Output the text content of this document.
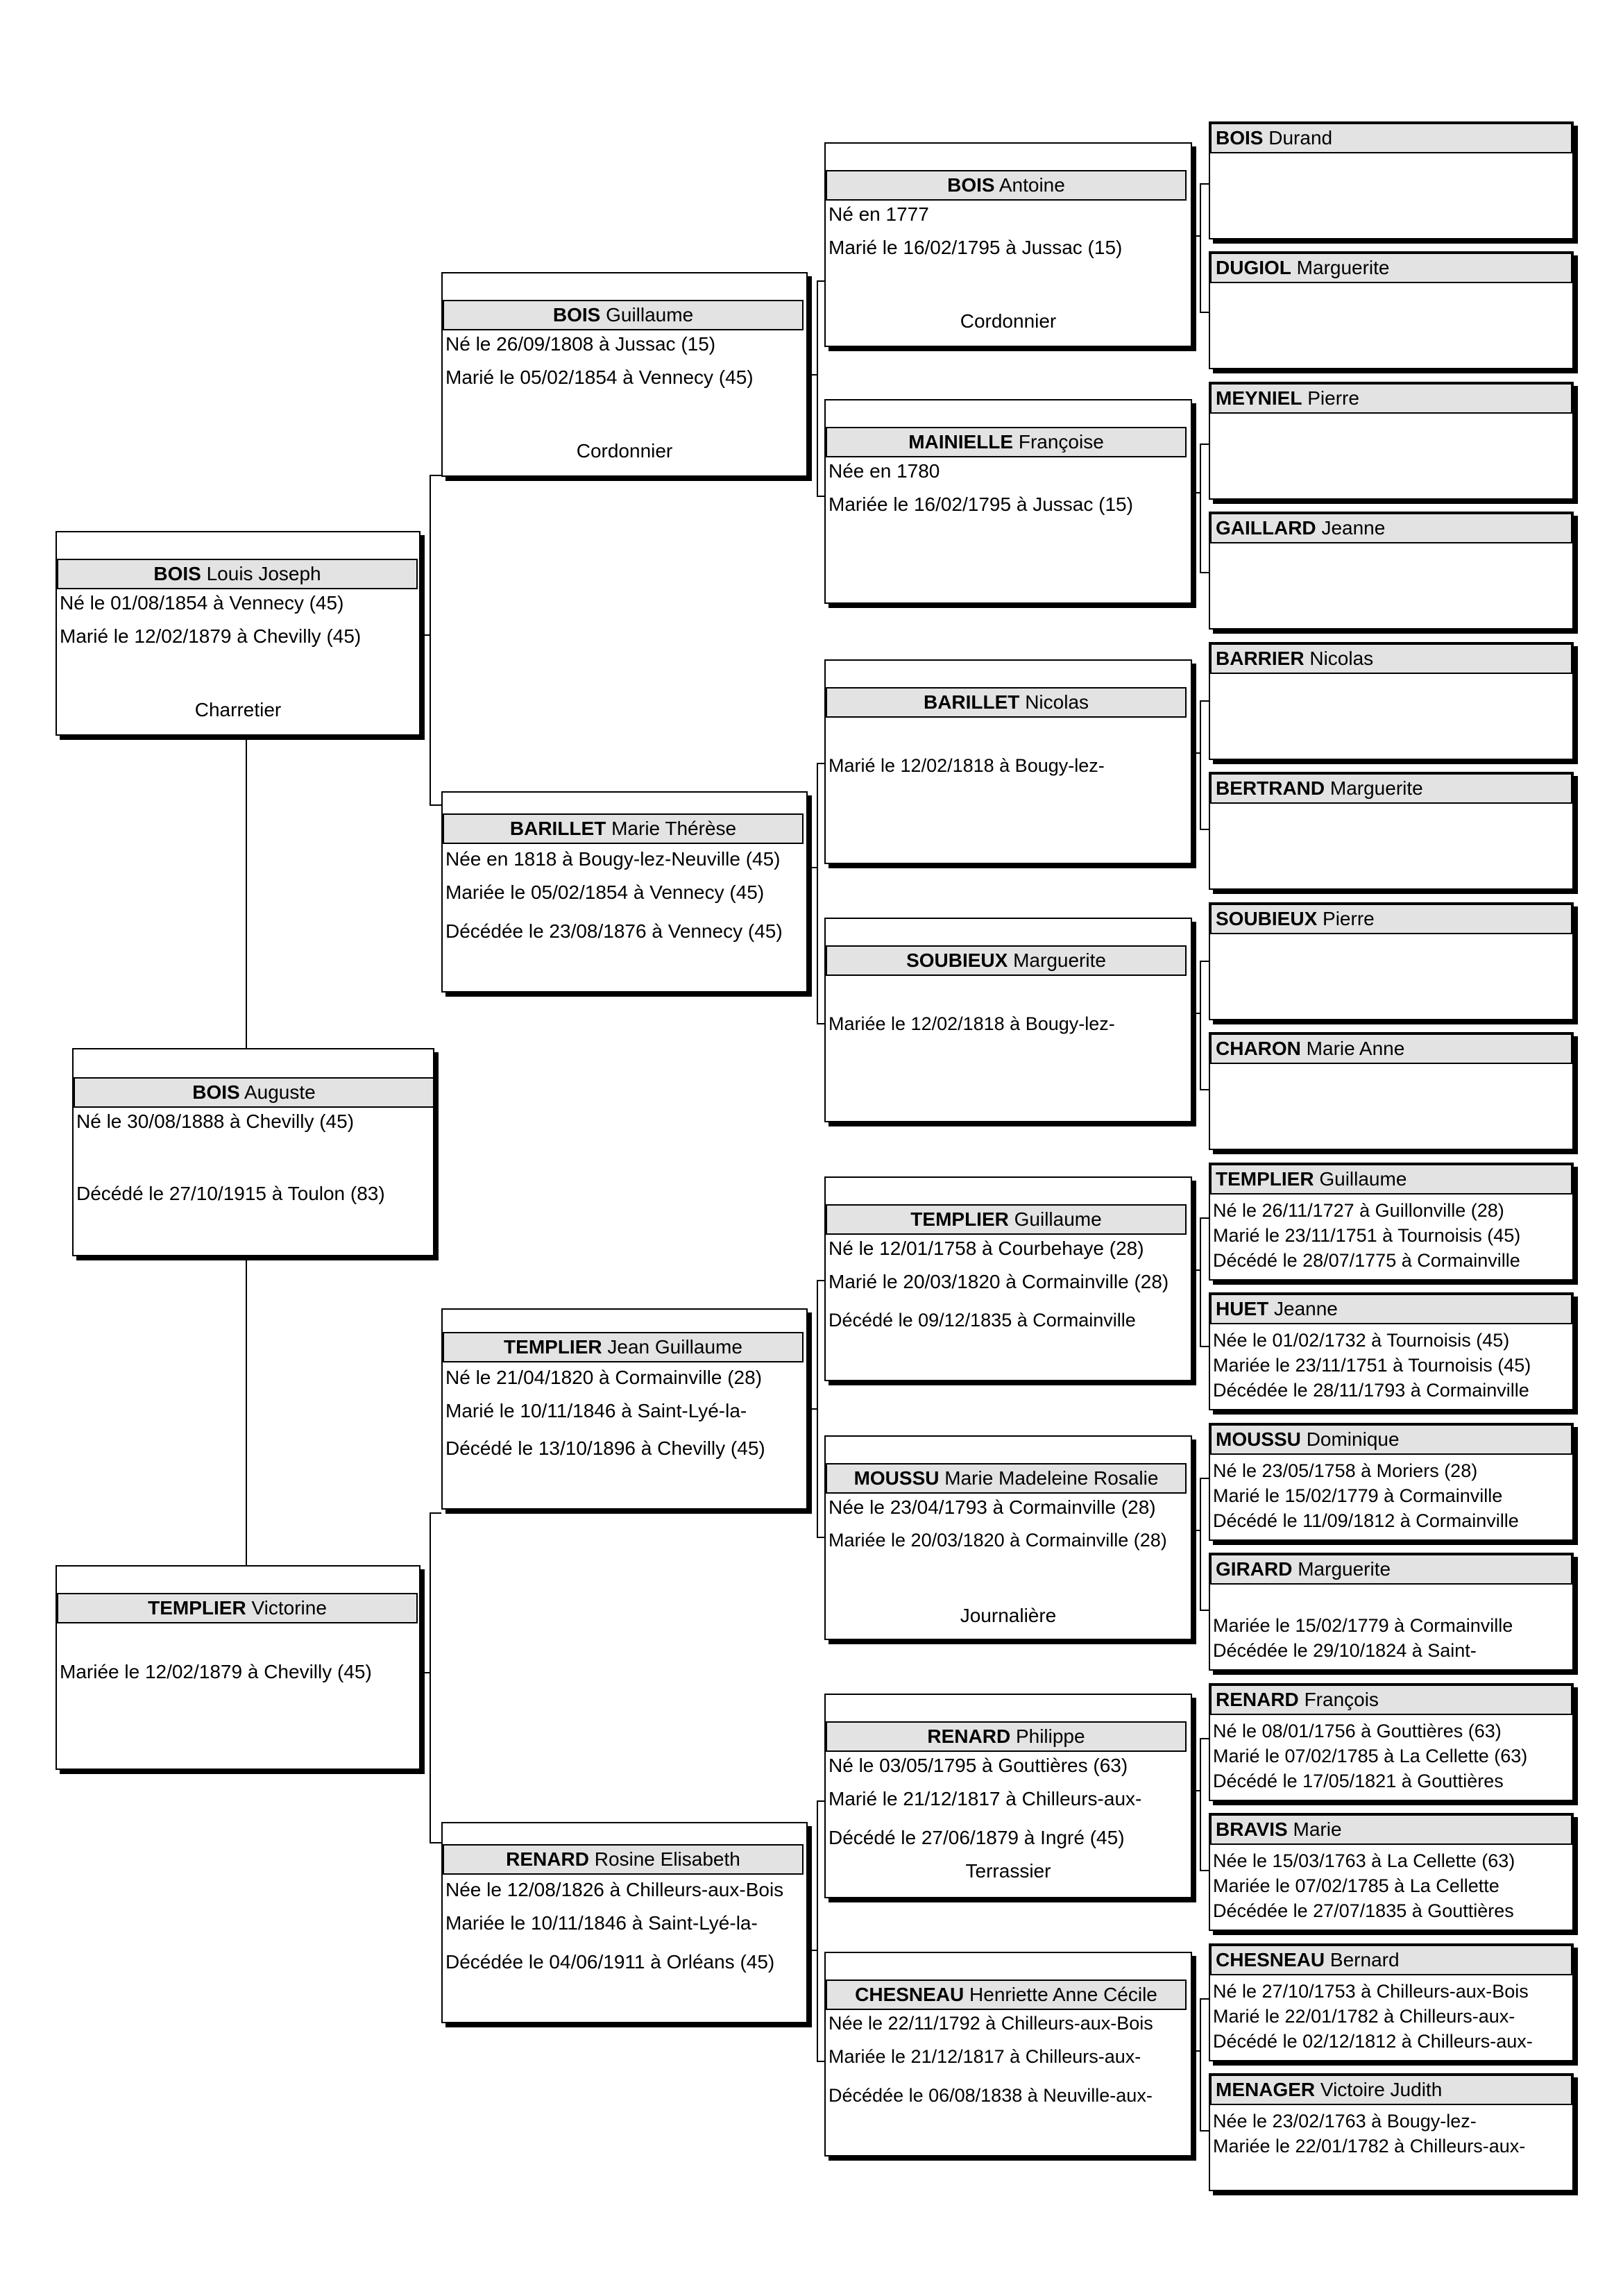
BOIS Auguste
Né le 30/08/1888 à Chevilly (45)
Décédé le 27/10/1915 à Toulon (83)
BOIS Louis Joseph
Né le 01/08/1854 à Vennecy (45)
Marié le 12/02/1879 à Chevilly (45)
Charretier
TEMPLIER Victorine
Mariée le 12/02/1879 à Chevilly (45)
BOIS Guillaume
Né le 26/09/1808 à Jussac (15)
Marié le 05/02/1854 à Vennecy (45)
Cordonnier
BARILLET Marie Thérèse
Née en 1818 à Bougy-lez-Neuville (45)
Mariée le 05/02/1854 à Vennecy (45)
Décédée le 23/08/1876 à Vennecy (45)
TEMPLIER Jean Guillaume
Né le 21/04/1820 à Cormainville (28)
Marié le 10/11/1846 à Saint-Lyé-la-
Décédé le 13/10/1896 à Chevilly (45)
RENARD Rosine Elisabeth
Née le 12/08/1826 à Chilleurs-aux-Bois
Mariée le 10/11/1846 à Saint-Lyé-la-
Décédée le 04/06/1911 à Orléans (45)
BOIS Antoine
Né en 1777
Marié le 16/02/1795 à Jussac (15)
Cordonnier
MAINIELLE Françoise
Née en 1780
Mariée le 16/02/1795 à Jussac (15)
BARILLET Nicolas
Marié le 12/02/1818 à Bougy-lez-
SOUBIEUX Marguerite
Mariée le 12/02/1818 à Bougy-lez-
TEMPLIER Guillaume
Né le 12/01/1758 à Courbehaye (28)
Marié le 20/03/1820 à Cormainville (28)
Décédé le 09/12/1835 à Cormainville
MOUSSU Marie Madeleine Rosalie
Née le 23/04/1793 à Cormainville (28)
Mariée le 20/03/1820 à Cormainville (28)
Journalière
RENARD Philippe
Né le 03/05/1795 à Gouttières (63)
Marié le 21/12/1817 à Chilleurs-aux-
Décédé le 27/06/1879 à Ingré (45)
Terrassier
CHESNEAU Henriette Anne Cécile
Née le 22/11/1792 à Chilleurs-aux-Bois
Mariée le 21/12/1817 à Chilleurs-aux-
Décédée le 06/08/1838 à Neuville-aux-
BOIS Durand
DUGIOL Marguerite
MEYNIEL Pierre
GAILLARD Jeanne
BARRIER Nicolas
BERTRAND Marguerite
SOUBIEUX Pierre
CHARON Marie Anne
TEMPLIER Guillaume
Né le 26/11/1727 à Guillonville (28)
Marié le 23/11/1751 à Tournoisis (45)
Décédé le 28/07/1775 à Cormainville
HUET Jeanne
Née le 01/02/1732 à Tournoisis (45)
Mariée le 23/11/1751 à Tournoisis (45)
Décédée le 28/11/1793 à Cormainville
MOUSSU Dominique
Né le 23/05/1758 à Moriers (28)
Marié le 15/02/1779 à Cormainville
Décédé le 11/09/1812 à Cormainville
GIRARD Marguerite
Mariée le 15/02/1779 à Cormainville
Décédée le 29/10/1824 à Saint-
RENARD François
Né le 08/01/1756 à Gouttières (63)
Marié le 07/02/1785 à La Cellette (63)
Décédé le 17/05/1821 à Gouttières
BRAVIS Marie
Née le 15/03/1763 à La Cellette (63)
Mariée le 07/02/1785 à La Cellette
Décédée le 27/07/1835 à Gouttières
CHESNEAU Bernard
Né le 27/10/1753 à Chilleurs-aux-Bois
Marié le 22/01/1782 à Chilleurs-aux-
Décédé le 02/12/1812 à Chilleurs-aux-
MENAGER Victoire Judith
Née le 23/02/1763 à Bougy-lez-
Mariée le 22/01/1782 à Chilleurs-aux-
